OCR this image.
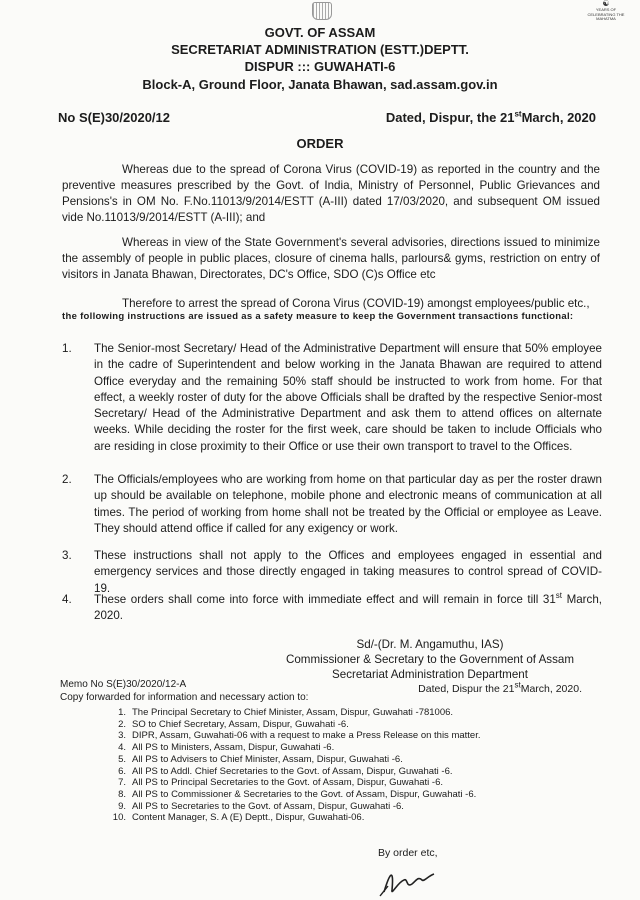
☯
YEARS OF CELEBRATING THE MAHATMA
GOVT. OF ASSAM
SECRETARIAT ADMINISTRATION (ESTT.)DEPTT.
DISPUR ::: GUWAHATI-6
Block-A, Ground Floor, Janata Bhawan, sad.assam.gov.in
No S(E)30/2020/12	Dated, Dispur, the 21stMarch, 2020
ORDER
Whereas due to the spread of Corona Virus (COVID-19) as reported in the country and the preventive measures prescribed by the Govt. of India, Ministry of Personnel, Public Grievances and Pensions's in OM No. F.No.11013/9/2014/ESTT (A-III) dated 17/03/2020, and subsequent OM issued vide No.11013/9/2014/ESTT (A-III); and
Whereas in view of the State Government's several advisories, directions issued to minimize the assembly of people in public places, closure of cinema halls, parlours& gyms, restriction on entry of visitors in Janata Bhawan, Directorates, DC's Office, SDO (C)s Office etc
Therefore to arrest the spread of Corona Virus (COVID-19) amongst employees/public etc.,
the following instructions are issued as a safety measure to keep the Government transactions functional:
1.	The Senior-most Secretary/ Head of the Administrative Department will ensure that 50% employee in the cadre of Superintendent and below working in the Janata Bhawan are required to attend Office everyday and the remaining 50% staff should be instructed to work from home. For that effect, a weekly roster of duty for the above Officials shall be drafted by the respective Senior-most Secretary/ Head of the Administrative Department and ask them to attend offices on alternate weeks. While deciding the roster for the first week, care should be taken to include Officials who are residing in close proximity to their Office or use their own transport to travel to the Offices.
2.	The Officials/employees who are working from home on that particular day as per the roster drawn up should be available on telephone, mobile phone and electronic means of communication at all times. The period of working from home shall not be treated by the Official or employee as Leave. They should attend office if called for any exigency or work.
3.	These instructions shall not apply to the Offices and employees engaged in essential and emergency services and those directly engaged in taking measures to control spread of COVID-19.
4.	These orders shall come into force with immediate effect and will remain in force till 31st March, 2020.
Sd/-(Dr. M. Angamuthu, IAS)
Commissioner & Secretary to the Government of Assam
Secretariat Administration Department
Memo No S(E)30/2020/12-A	Dated, Dispur the 21stMarch, 2020.
Copy forwarded for information and necessary action to:
1. The Principal Secretary to Chief Minister, Assam, Dispur, Guwahati -781006.
2. SO to Chief Secretary, Assam, Dispur, Guwahati -6.
3. DIPR, Assam, Guwahati-06 with a request to make a Press Release on this matter.
4. All PS to Ministers, Assam, Dispur, Guwahati -6.
5. All PS to Advisers to Chief Minister, Assam, Dispur, Guwahati -6.
6. All PS to Addl. Chief Secretaries to the Govt. of Assam, Dispur, Guwahati -6.
7. All PS to Principal Secretaries to the Govt. of Assam, Dispur, Guwahati -6.
8. All PS to Commissioner & Secretaries to the Govt. of Assam, Dispur, Guwahati -6.
9. All PS to Secretaries to the Govt. of Assam, Dispur, Guwahati -6.
10. Content Manager, S. A (E) Deptt., Dispur, Guwahati-06.
By order etc,
